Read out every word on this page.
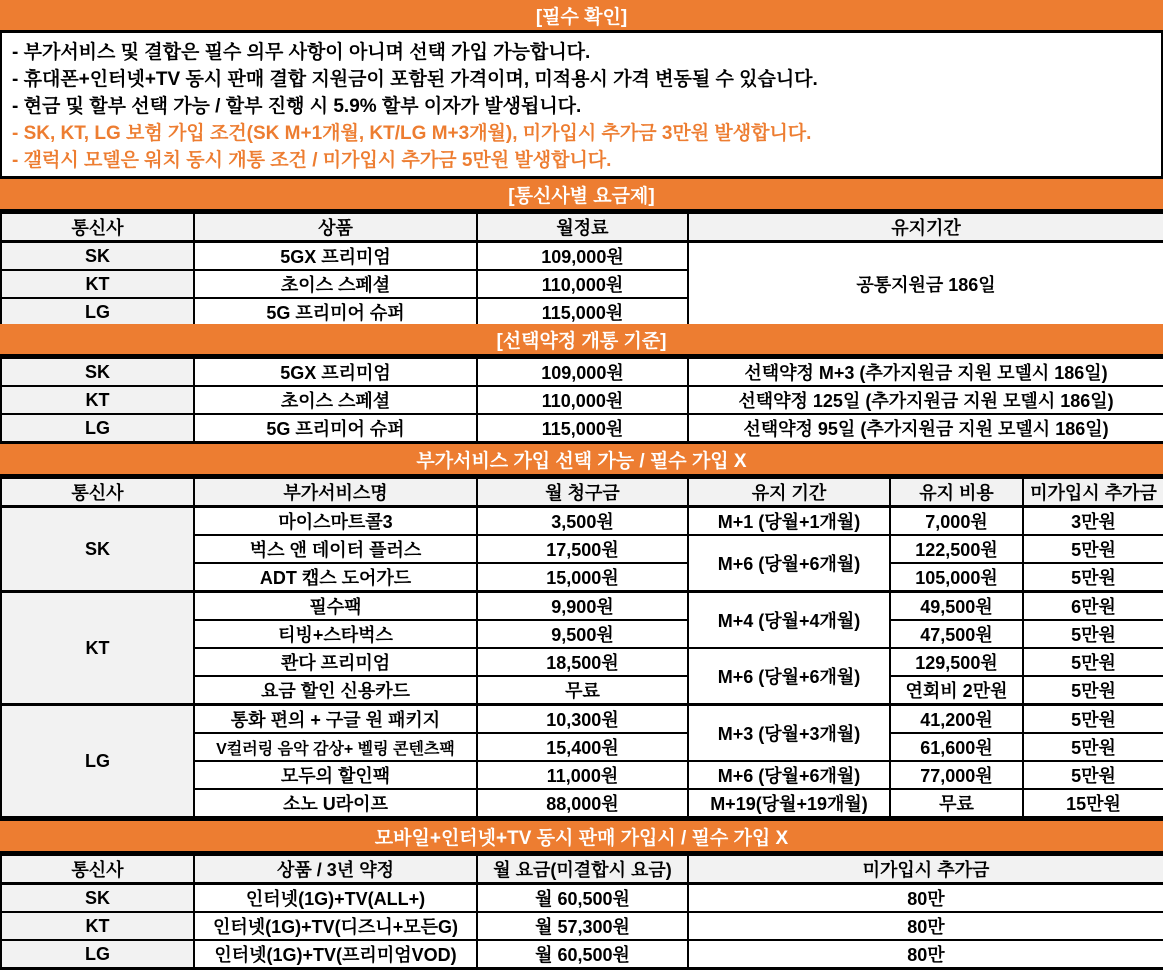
[필수 확인]
- 부가서비스 및 결합은 필수 의무 사항이 아니며 선택 가입 가능합니다.
- 휴대폰+인터넷+TV 동시 판매 결합 지원금이 포함된 가격이며, 미적용시 가격 변동될 수 있습니다.
- 현금 및 할부 선택 가능 / 할부 진행 시 5.9% 할부 이자가 발생됩니다.
- SK, KT, LG 보험 가입 조건(SK M+1개월, KT/LG M+3개월), 미가입시 추가금 3만원 발생합니다.
- 갤럭시 모델은 워치 동시 개통 조건 / 미가입시 추가금 5만원 발생합니다.
[통신사별 요금제]
통신사	상품	월정료	유지기간
SK	5GX 프리미엄	109,000원	공통지원금 186일
KT	초이스 스페셜	110,000원	
LG	5G 프리미어 슈퍼	115,000원	
[선택약정 개통 기준]
SK	5GX 프리미엄	109,000원	선택약정 M+3 (추가지원금 지원 모델시 186일)
KT	초이스 스페셜	110,000원	선택약정 125일 (추가지원금 지원 모델시 186일)
LG	5G 프리미어 슈퍼	115,000원	선택약정 95일 (추가지원금 지원 모델시 186일)
부가서비스 가입 선택 가능 / 필수 가입 X
통신사	부가서비스명	월 청구금	유지 기간	유지 비용	미가입시 추가금
SK	마이스마트콜3	3,500원	M+1 (당월+1개월)	7,000원	3만원
	벅스 앤 데이터 플러스	17,500원	M+6 (당월+6개월)	122,500원	5만원
	ADT 캡스 도어가드	15,000원		105,000원	5만원
KT	필수팩	9,900원	M+4 (당월+4개월)	49,500원	6만원
	티빙+스타벅스	9,500원		47,500원	5만원
	콴다 프리미엄	18,500원	M+6 (당월+6개월)	129,500원	5만원
	요금 할인 신용카드	무료		연회비 2만원	5만원
LG	통화 편의 + 구글 원 패키지	10,300원	M+3 (당월+3개월)	41,200원	5만원
	V컬러링 음악 감상+ 벨링 콘텐츠팩	15,400원		61,600원	5만원
	모두의 할인팩	11,000원	M+6 (당월+6개월)	77,000원	5만원
	소노 U라이프	88,000원	M+19(당월+19개월)	무료	15만원
모바일+인터넷+TV 동시 판매 가입시 / 필수 가입 X
통신사	상품 / 3년 약정	월 요금(미결합시 요금)	미가입시 추가금
SK	인터넷(1G)+TV(ALL+)	월 60,500원	80만
KT	인터넷(1G)+TV(디즈니+모든G)	월 57,300원	80만
LG	인터넷(1G)+TV(프리미엄VOD)	월 60,500원	80만
